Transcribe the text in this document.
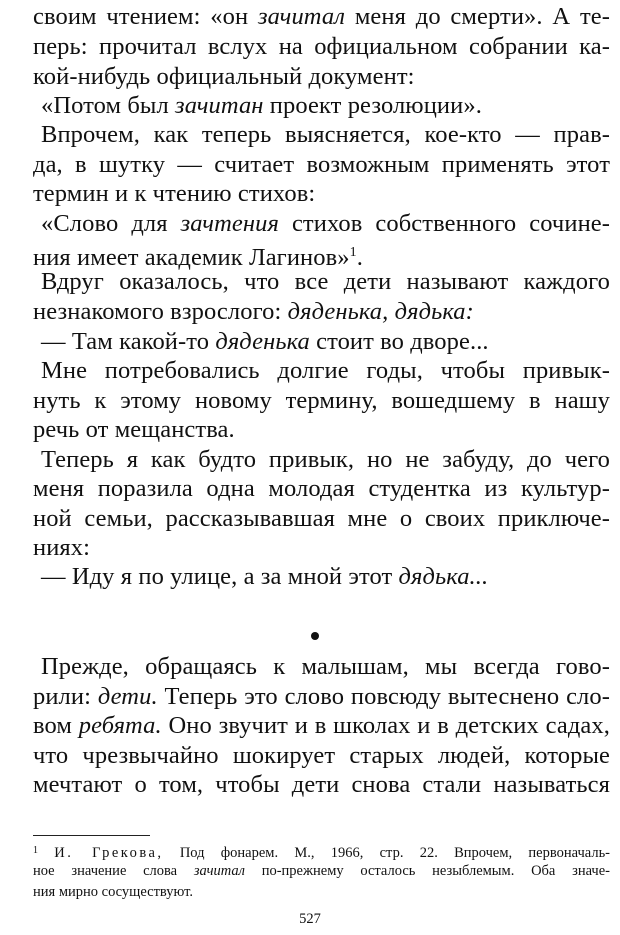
своим чтением: «он зачитал меня до смерти». А те-
перь: прочитал вслух на официальном собрании ка-
кой-нибудь официальный документ:
«Потом был зачитан проект резолюции».
Впрочем, как теперь выясняется, кое-кто — прав-
да, в шутку — считает возможным применять этот
термин и к чтению стихов:
«Слово для зачтения стихов собственного сочине-
ния имеет академик Лагинов»$^1$.
Вдруг оказалось, что все дети называют каждого
незнакомого взрослого: дяденька, дядька:
— Там какой-то дяденька стоит во дворе...
Мне потребовались долгие годы, чтобы привык-
нуть к этому новому термину, вошедшему в нашу
речь от мещанства.
Теперь я как будто привык, но не забуду, до чего
меня поразила одна молодая студентка из культур-
ной семьи, рассказывавшая мне о своих приключе-
ниях:
— Иду я по улице, а за мной этот дядька...
Прежде, обращаясь к малышам, мы всегда гово-
рили: дети. Теперь это слово повсюду вытеснено сло-
вом ребята. Оно звучит и в школах и в детских садах,
что чрезвычайно шокирует старых людей, которые
мечтают о том, чтобы дети снова стали называться
$^1$ И. Грекова, Под фонарем. М., 1966, стр. 22. Впрочем, первоначаль-
ное значение слова зачитал по-прежнему осталось незыблемым. Оба значе-
ния мирно сосуществуют.
527
